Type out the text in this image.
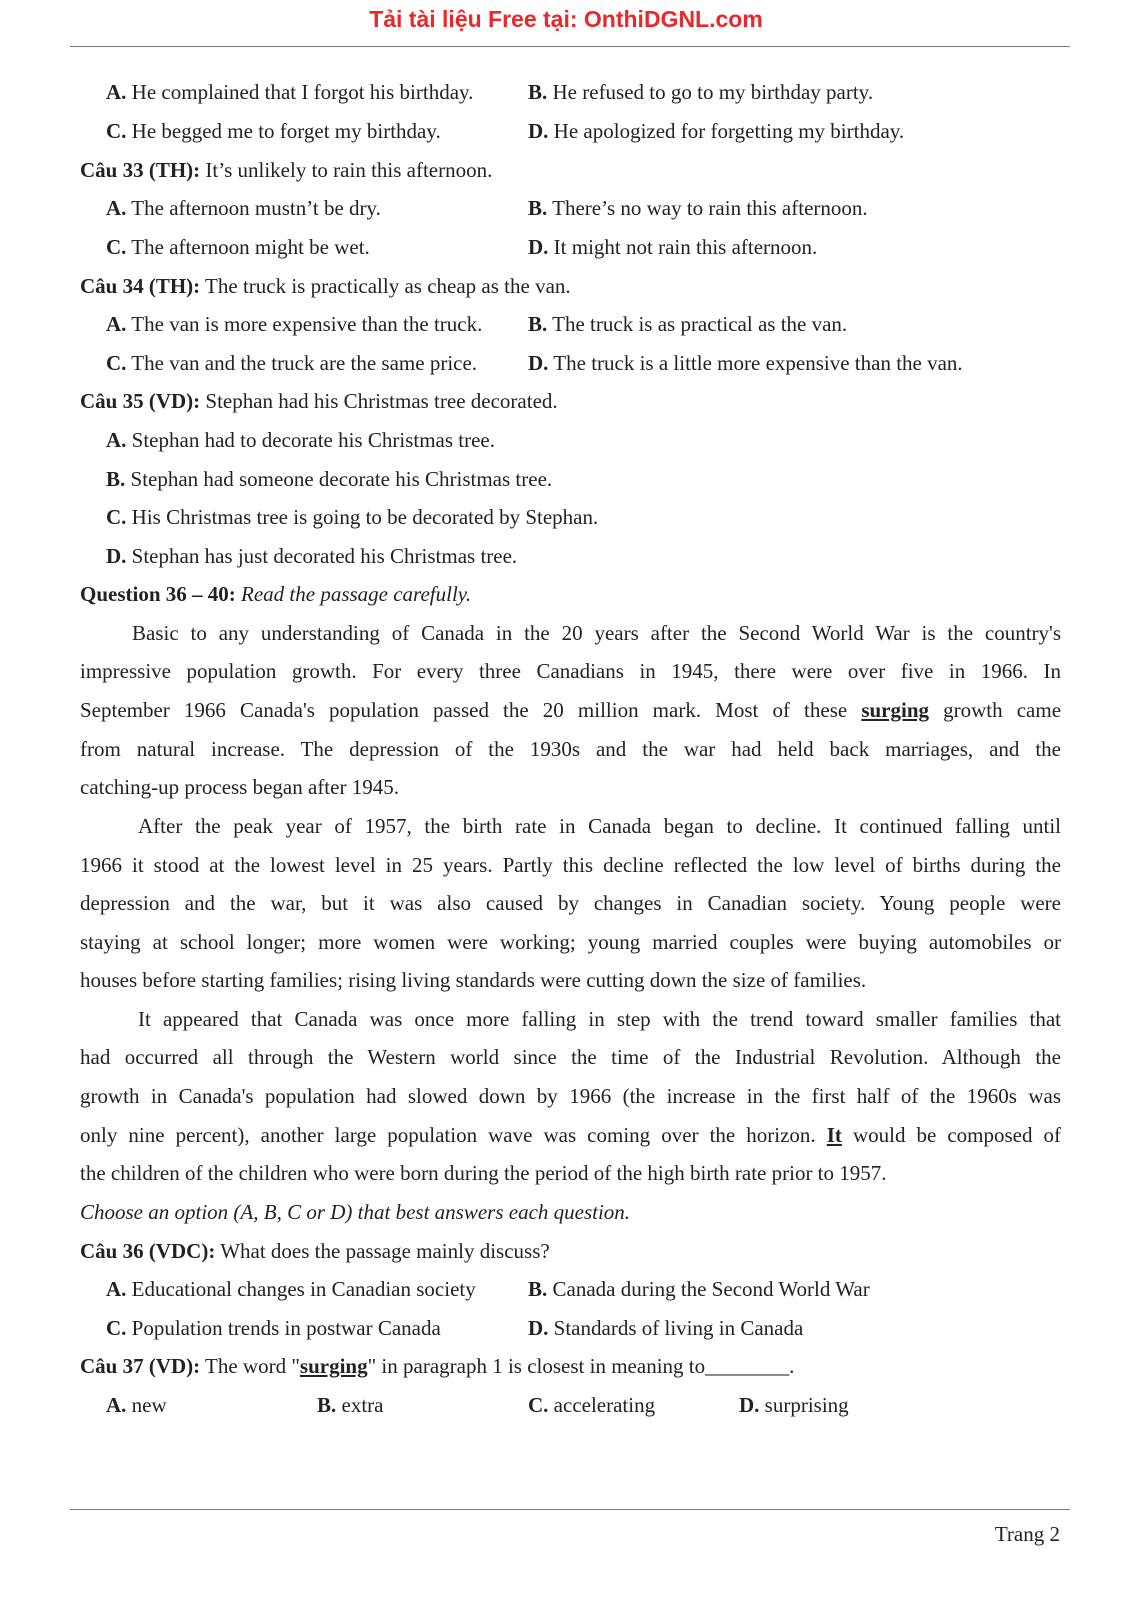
Tải tài liệu Free tại: OnthiDGNL.com
A. He complained that I forgot his birthday.	B. He refused to go to my birthday party.
C. He begged me to forget my birthday.	D. He apologized for forgetting my birthday.
Câu 33 (TH): It’s unlikely to rain this afternoon.
A. The afternoon mustn’t be dry.	B. There’s no way to rain this afternoon.
C. The afternoon might be wet.	D. It might not rain this afternoon.
Câu 34 (TH): The truck is practically as cheap as the van.
A. The van is more expensive than the truck. B. The truck is as practical as the van.
C. The van and the truck are the same price. D. The truck is a little more expensive than the van.
Câu 35 (VD): Stephan had his Christmas tree decorated.
A. Stephan had to decorate his Christmas tree.
B. Stephan had someone decorate his Christmas tree.
C. His Christmas tree is going to be decorated by Stephan.
D. Stephan has just decorated his Christmas tree.
Question 36 – 40: Read the passage carefully.
Basic to any understanding of Canada in the 20 years after the Second World War is the country's
impressive population growth. For every three Canadians in 1945, there were over five in 1966. In
September 1966 Canada's population passed the 20 million mark. Most of these surging growth came
from natural increase. The depression of the 1930s and the war had held back marriages, and the
catching-up process began after 1945.
After the peak year of 1957, the birth rate in Canada began to decline. It continued falling until
1966 it stood at the lowest level in 25 years. Partly this decline reflected the low level of births during the
depression and the war, but it was also caused by changes in Canadian society. Young people were
staying at school longer; more women were working; young married couples were buying automobiles or
houses before starting families; rising living standards were cutting down the size of families.
It appeared that Canada was once more falling in step with the trend toward smaller families that
had occurred all through the Western world since the time of the Industrial Revolution. Although the
growth in Canada's population had slowed down by 1966 (the increase in the first half of the 1960s was
only nine percent), another large population wave was coming over the horizon. It would be composed of
the children of the children who were born during the period of the high birth rate prior to 1957.
Choose an option (A, B, C or D) that best answers each question.
Câu 36 (VDC): What does the passage mainly discuss?
A. Educational changes in Canadian society B. Canada during the Second World War
C. Population trends in postwar Canada	D. Standards of living in Canada
Câu 37 (VD): The word "surging" in paragraph 1 is closest in meaning to________.
A. new	B. extra	C. accelerating	D. surprising
Trang 2
